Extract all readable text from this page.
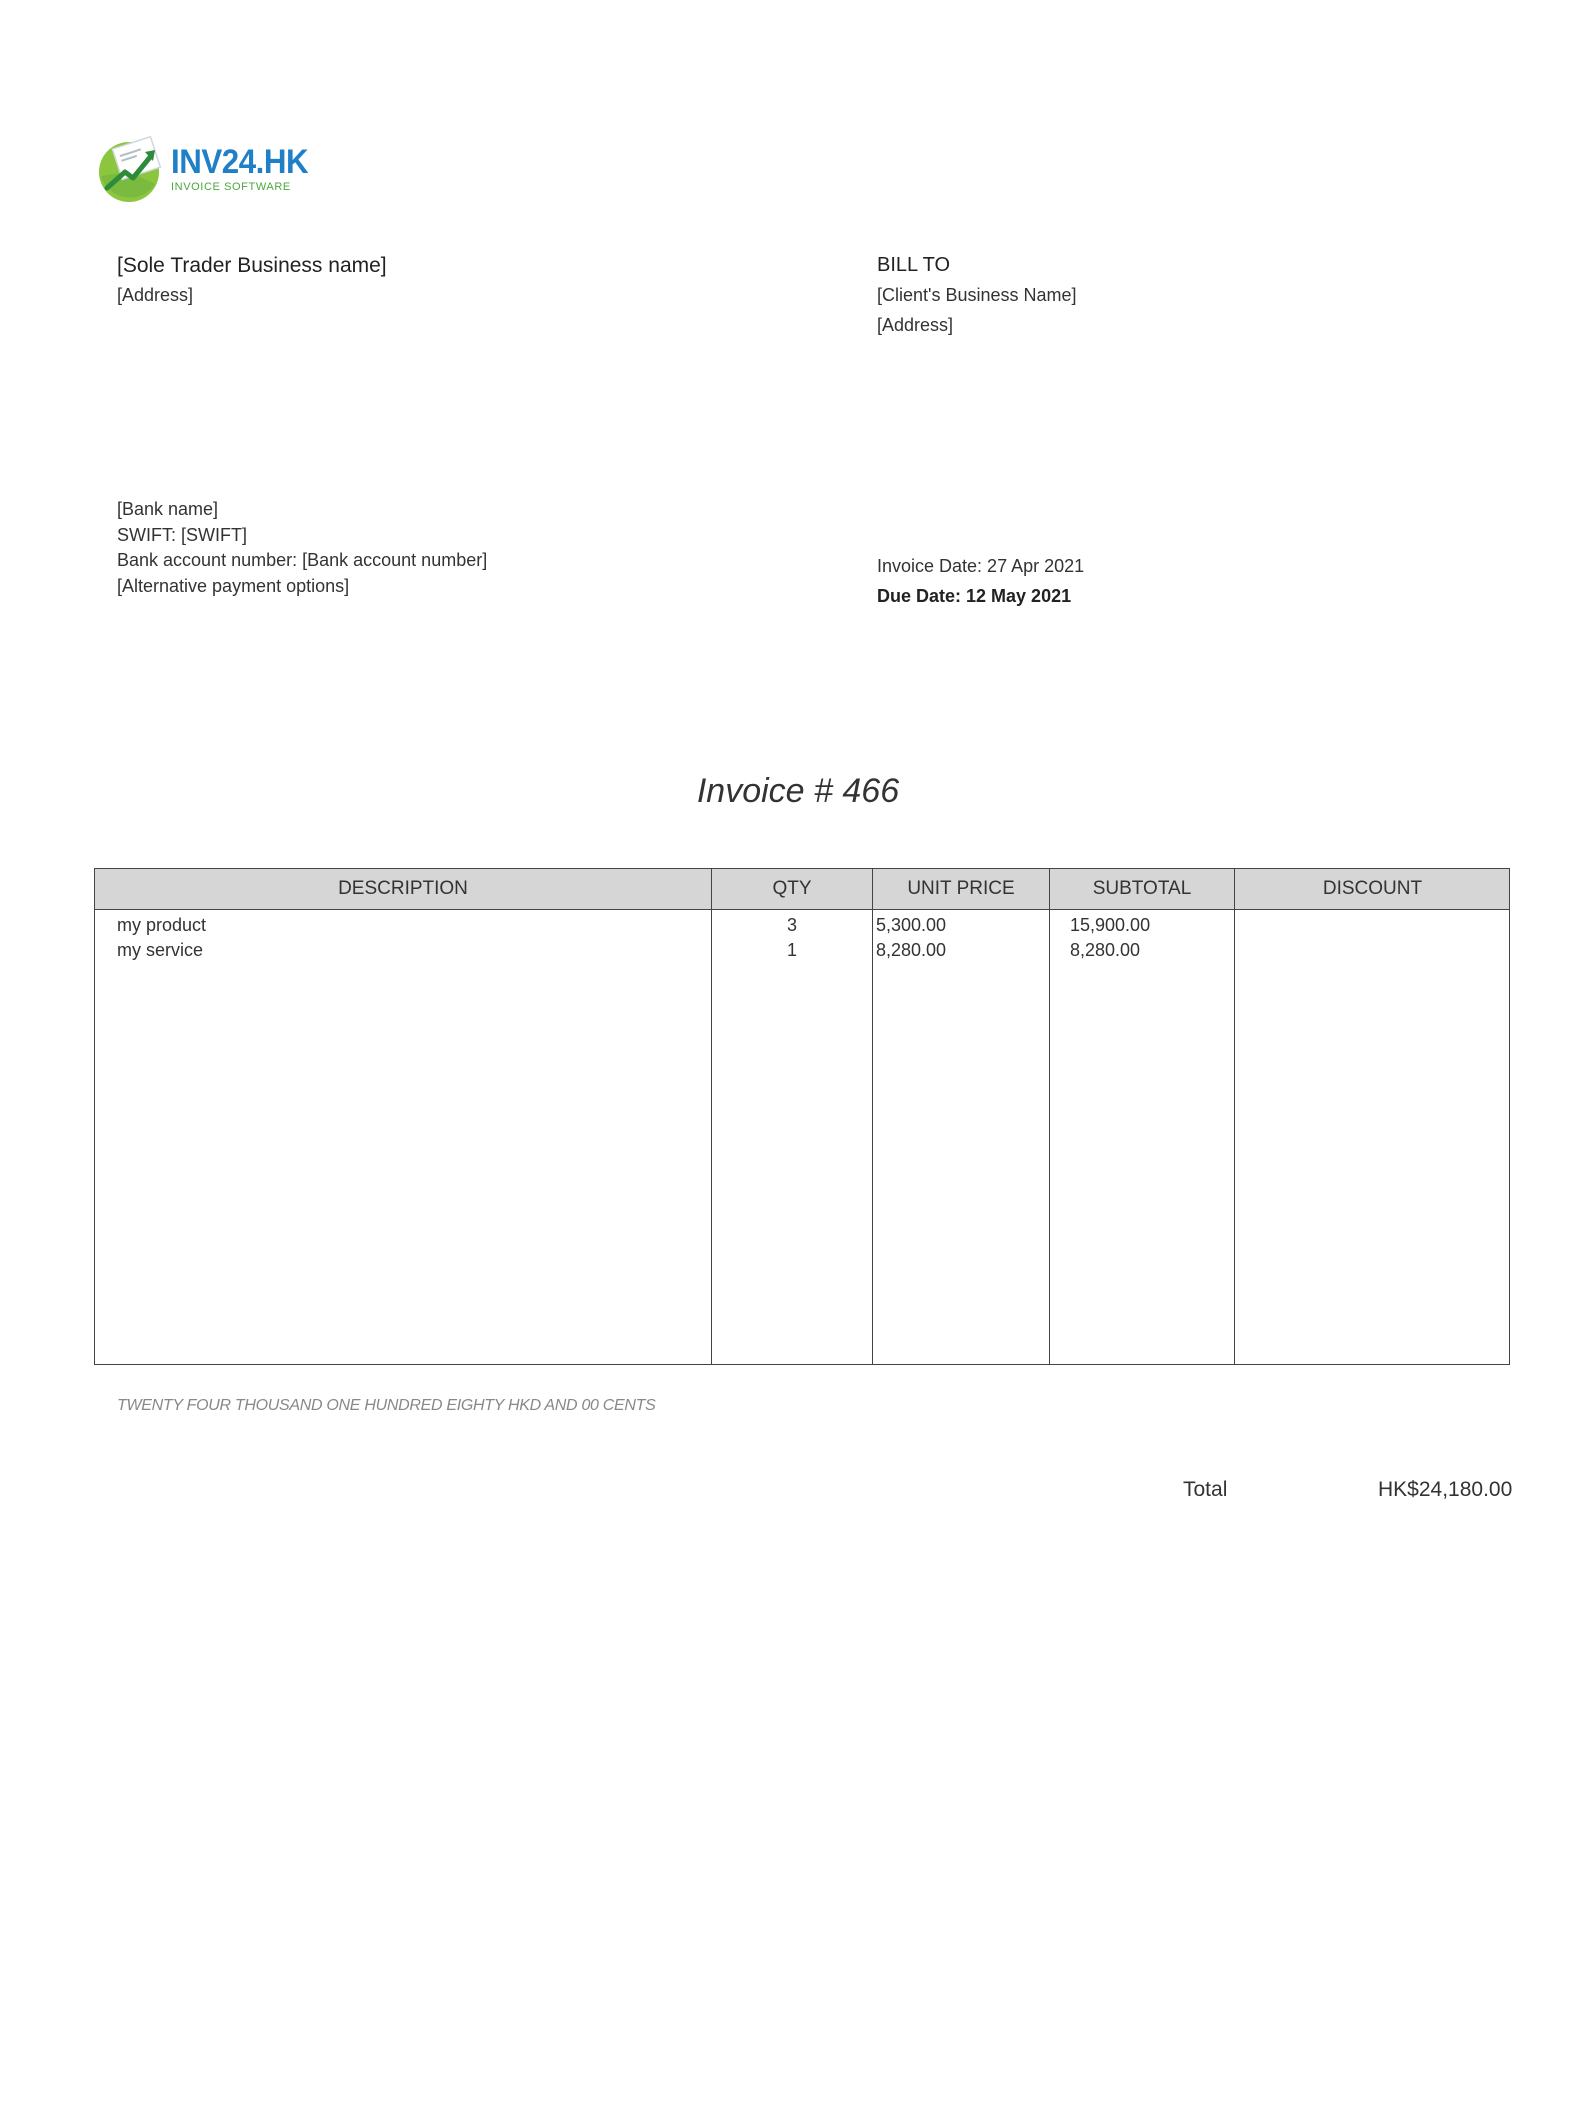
INV24.HK
INVOICE SOFTWARE
[Sole Trader Business name]
[Address]
BILL TO
[Client's Business Name]
[Address]
[Bank name]
SWIFT: [SWIFT]
Bank account number: [Bank account number]
[Alternative payment options]
Invoice Date: 27 Apr 2021
Due Date: 12 May 2021
Invoice # 466
DESCRIPTION
my product
my service
QTY
3
1
UNIT PRICE
5,300.00
8,280.00
SUBTOTAL
15,900.00
8,280.00
DISCOUNT
TWENTY FOUR THOUSAND ONE HUNDRED EIGHTY HKD AND 00 CENTS
Total	HK$24,180.00
